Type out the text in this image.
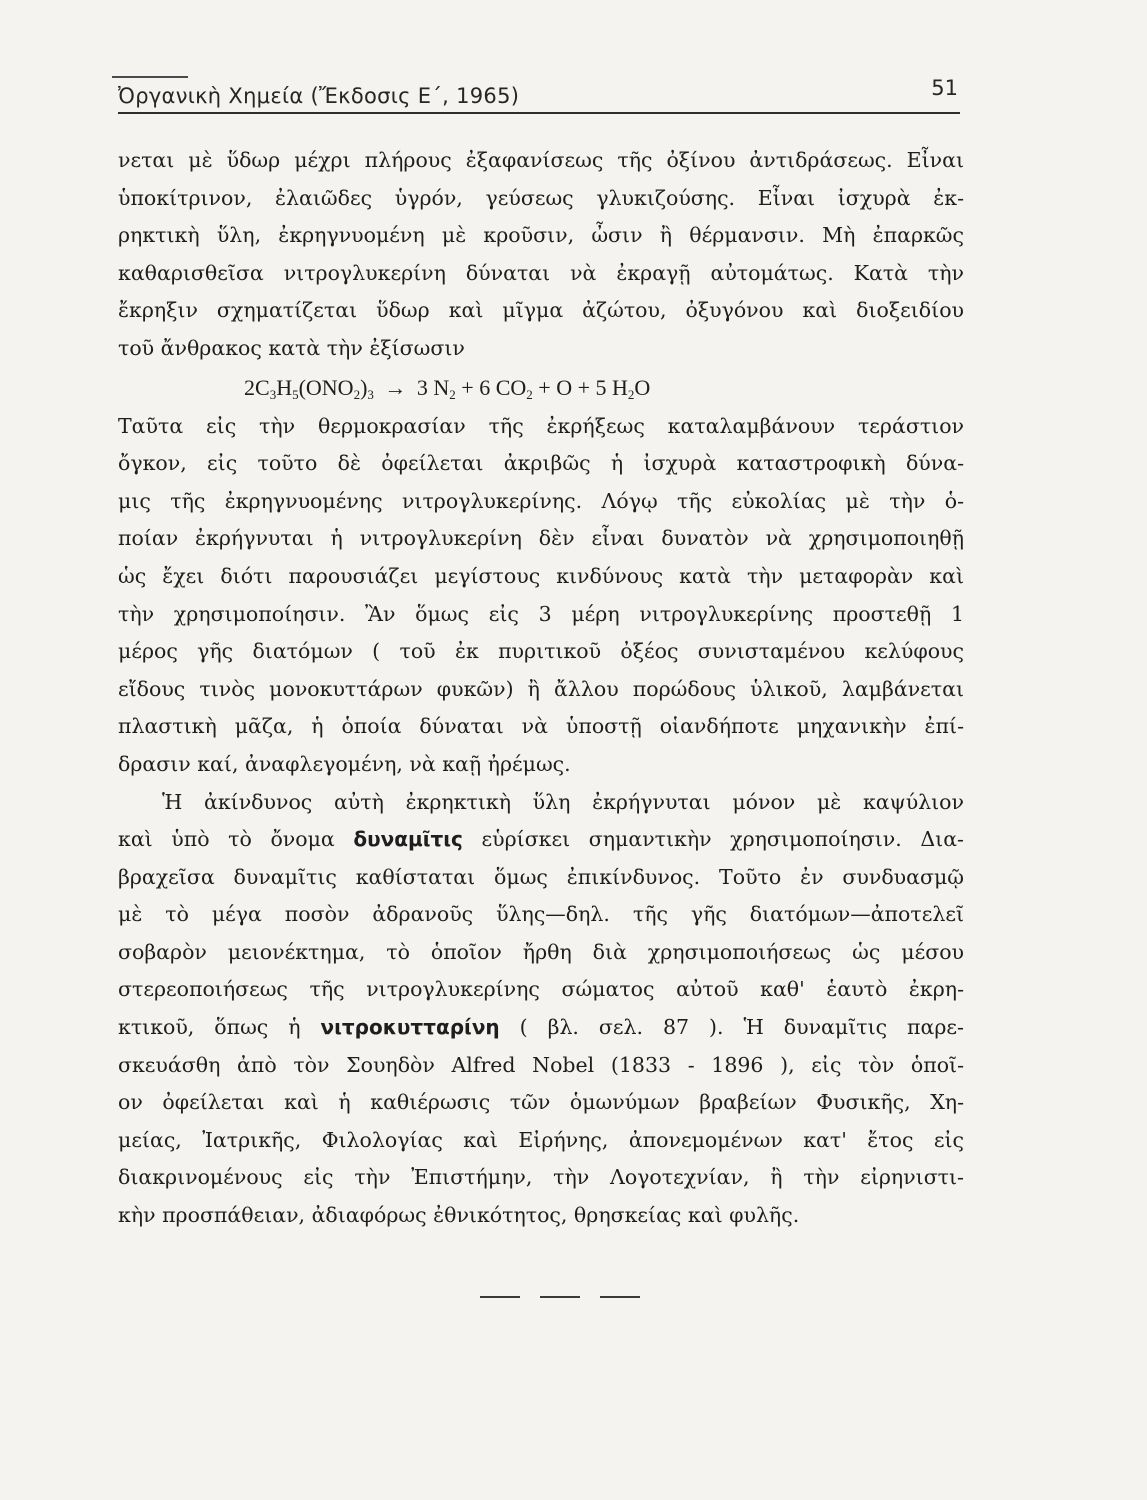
Ὀργανικὴ Χημεία (Ἔκδοσις Ε΄, 1965)	51
νεται μὲ ὕδωρ μέχρι πλήρους ἐξαφανίσεως τῆς ὀξίνου ἀντιδράσεως. Εἶναι
ὑποκίτρινον, ἐλαιῶδες ὑγρόν, γεύσεως γλυκιζούσης. Εἶναι ἰσχυρὰ ἐκ-
ρηκτικὴ ὕλη, ἐκρηγνυομένη μὲ κροῦσιν, ὦσιν ἢ θέρμανσιν. Μὴ ἐπαρκῶς
καθαρισθεῖσα νιτρογλυκερίνη δύναται νὰ ἐκραγῇ αὐτομάτως. Κατὰ τὴν
ἔκρηξιν σχηματίζεται ὕδωρ καὶ μῖγμα ἀζώτου, ὀξυγόνου καὶ διοξειδίου
τοῦ ἄνθρακος κατὰ τὴν ἐξίσωσιν
$2C_3H_5(ONO_2)_3 \to 3$ $N_2 + 6$ $CO_2 + O + 5$ $H_2O$
Ταῦτα εἰς τὴν θερμοκρασίαν τῆς ἐκρήξεως καταλαμβάνουν τεράστιον
ὄγκον, εἰς τοῦτο δὲ ὀφείλεται ἀκριβῶς ἡ ἰσχυρὰ καταστροφικὴ δύνα-
μις τῆς ἐκρηγνυομένης νιτρογλυκερίνης. Λόγῳ τῆς εὐκολίας μὲ τὴν ὁ-
ποίαν ἐκρήγνυται ἡ νιτρογλυκερίνη δὲν εἶναι δυνατὸν νὰ χρησιμοποιηθῇ
ὡς ἔχει διότι παρουσιάζει μεγίστους κινδύνους κατὰ τὴν μεταφορὰν καὶ
τὴν χρησιμοποίησιν. Ἂν ὅμως εἰς 3 μέρη νιτρογλυκερίνης προστεθῇ 1
μέρος γῆς διατόμων ( τοῦ ἐκ πυριτικοῦ ὀξέος συνισταμένου κελύφους
εἴδους τινὸς μονοκυττάρων φυκῶν) ἢ ἄλλου πορώδους ὑλικοῦ, λαμβάνεται
πλαστικὴ μᾶζα, ἡ ὁποία δύναται νὰ ὑποστῇ οἱανδήποτε μηχανικὴν ἐπί-
δρασιν καί, ἀναφλεγομένη, νὰ καῇ ἠρέμως.
Ἡ ἀκίνδυνος αὐτὴ ἐκρηκτικὴ ὕλη ἐκρήγνυται μόνον μὲ καψύλιον
καὶ ὑπὸ τὸ ὄνομα δυναμῖτις εὑρίσκει σημαντικὴν χρησιμοποίησιν. Δια-
βραχεῖσα δυναμῖτις καθίσταται ὅμως ἐπικίνδυνος. Τοῦτο ἐν συνδυασμῷ
μὲ τὸ μέγα ποσὸν ἀδρανοῦς ὕλης—δηλ. τῆς γῆς διατόμων—ἀποτελεῖ
σοβαρὸν μειονέκτημα, τὸ ὁποῖον ἤρθη διὰ χρησιμοποιήσεως ὡς μέσου
στερεοποιήσεως τῆς νιτρογλυκερίνης σώματος αὐτοῦ καθ' ἑαυτὸ ἐκρη-
κτικοῦ, ὅπως ἡ νιτροκυτταρίνη ( βλ. σελ. 87 ). Ἡ δυναμῖτις παρε-
σκευάσθη ἀπὸ τὸν Σουηδὸν Alfred Nobel (1833 - 1896 ), εἰς τὸν ὁποῖ-
ον ὀφείλεται καὶ ἡ καθιέρωσις τῶν ὁμωνύμων βραβείων Φυσικῆς, Χη-
μείας, Ἰατρικῆς, Φιλολογίας καὶ Εἰρήνης, ἀπονεμομένων κατ' ἔτος εἰς
διακρινομένους εἰς τὴν Ἐπιστήμην, τὴν Λογοτεχνίαν, ἢ τὴν εἰρηνιστι-
κὴν προσπάθειαν, ἀδιαφόρως ἐθνικότητος, θρησκείας καὶ φυλῆς.
